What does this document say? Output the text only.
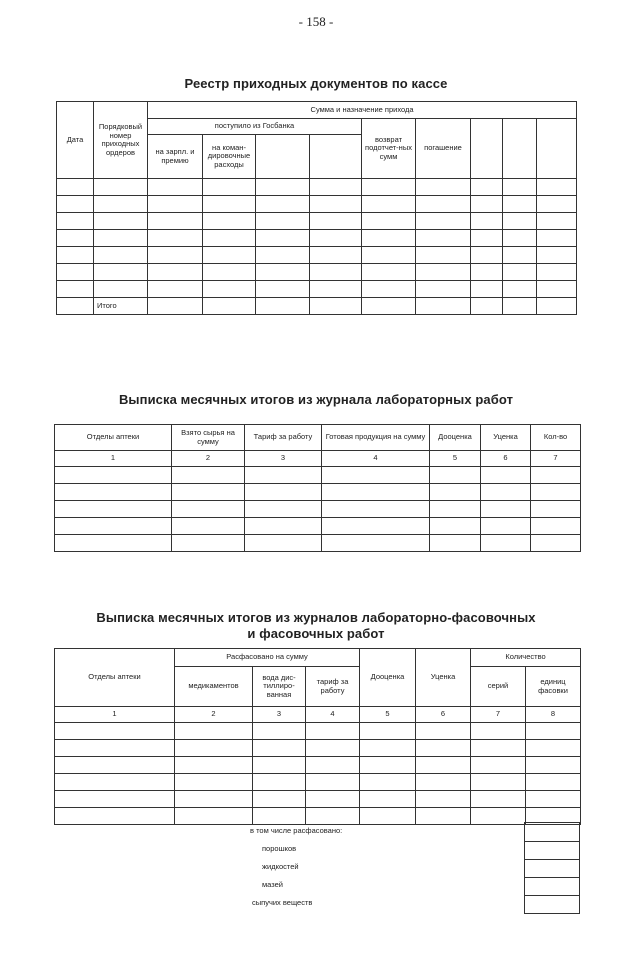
- 158 -
Реестр приходных документов по кассе
Дата	Порядковый номер приходных ордеров	Сумма и назначение прихода								
		поступило из Госбанка				возврат подотчет-ных сумм	погашение			
		на зарпл. и премию	на коман-дировочные расходы							

	Итого									
Выписка месячных итогов из журнала лабораторных работ
Отделы аптеки	Взято сырья на сумму	Тариф за работу	Готовая продукция на сумму	Дооценка	Уценка	Кол-во
1	2	3	4	5	6	7

Выписка месячных итогов из журналов лабораторно-фасовочных
и фасовочных работ
Отделы аптеки	Расфасовано на сумму			Дооценка	Уценка	Количество	
	медикаментов	вода дис-тиллиро-ванная	тариф за работу			серий	единиц фасовки
1	2	3	4	5	6	7	8

в том числе расфасовано:
порошков
жидкостей
мазей
сыпучих веществ
